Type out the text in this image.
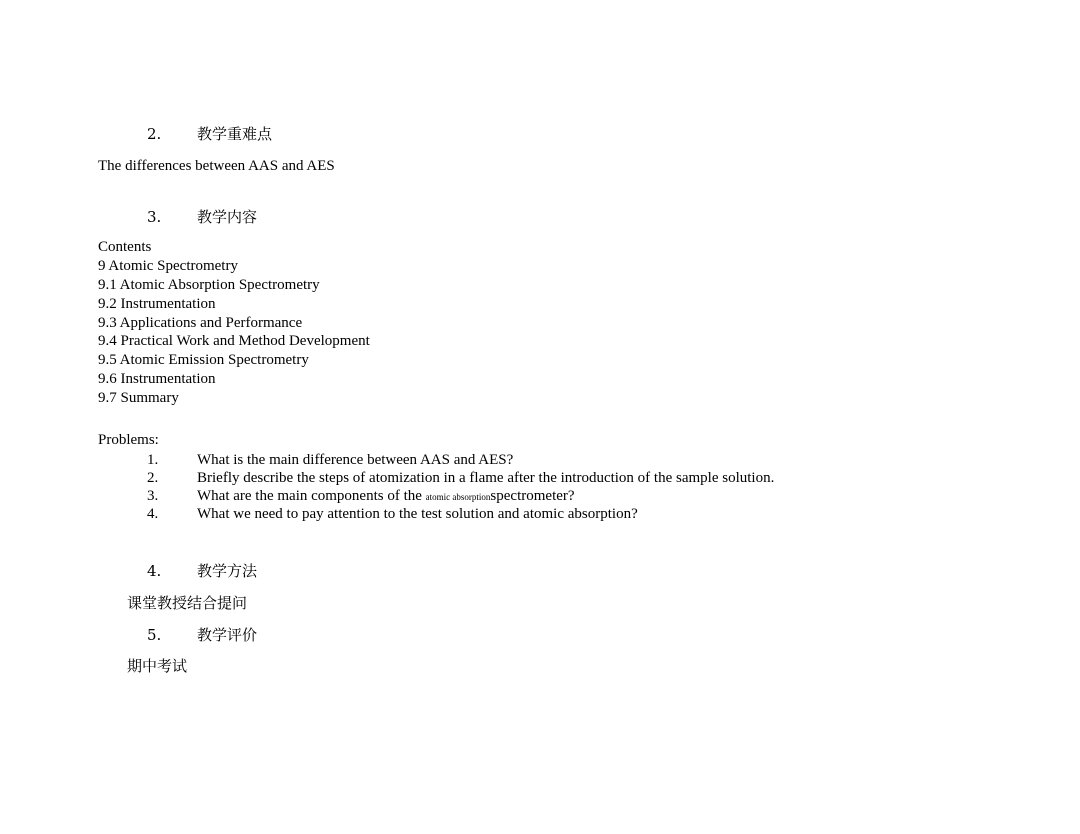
2. 教学重难点
The differences between AAS and AES
3. 教学内容
Contents
9 Atomic Spectrometry
9.1 Atomic Absorption Spectrometry
9.2 Instrumentation
9.3 Applications and Performance
9.4 Practical Work and Method Development
9.5 Atomic Emission Spectrometry
9.6 Instrumentation
9.7 Summary
Problems:
1.	What is the main difference between AAS and AES?
2.	Briefly describe the steps of atomization in a flame after the introduction of the sample solution.
3.	What are the main components of the atomic absorptionspectrometer?
4.	What we need to pay attention to the test solution and atomic absorption?
4. 教学方法
课堂教授结合提问
5. 教学评价
期中考试
